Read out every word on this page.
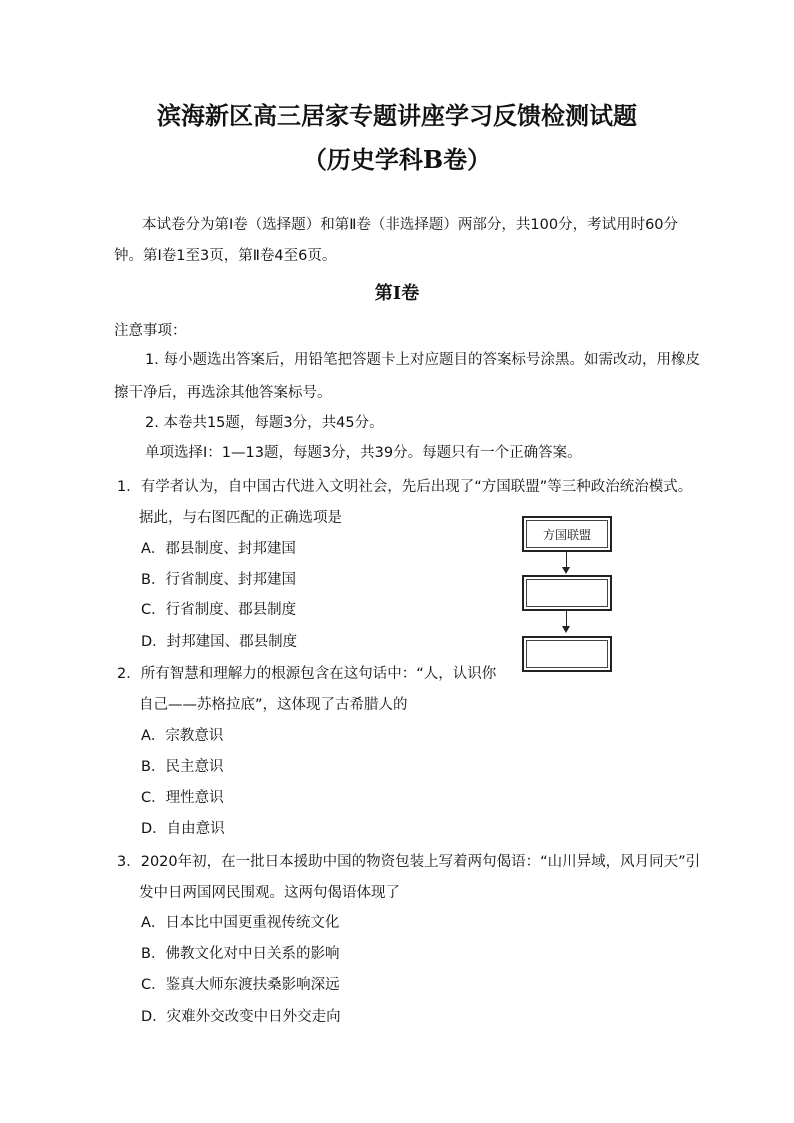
滨海新区高三居家专题讲座学习反馈检测试题
（历史学科B卷）

本试卷分为第Ⅰ卷（选择题）和第Ⅱ卷（非选择题）两部分，共100分，考试用时60分

钟。第Ⅰ卷1至3页，第Ⅱ卷4至6页。

第Ⅰ卷

注意事项：

1. 每小题选出答案后，用铅笔把答题卡上对应题目的答案标号涂黑。如需改动，用橡皮

擦干净后，再选涂其他答案标号。

2. 本卷共15题，每题3分，共45分。

单项选择Ⅰ：1—13题，每题3分，共39分。每题只有一个正确答案。

1．有学者认为，自中国古代进入文明社会，先后出现了“方国联盟”等三种政治统治模式。

据此，与右图匹配的正确选项是

A．郡县制度、封邦建国

B．行省制度、封邦建国

C．行省制度、郡县制度

D．封邦建国、郡县制度

方国联盟

2．所有智慧和理解力的根源包含在这句话中：“人，认识你

自己——苏格拉底”，这体现了古希腊人的

A．宗教意识

B．民主意识

C．理性意识

D．自由意识

3．2020年初，在一批日本援助中国的物资包装上写着两句偈语：“山川异域，风月同天”引

发中日两国网民围观。这两句偈语体现了

A．日本比中国更重视传统文化

B．佛教文化对中日关系的影响

C．鉴真大师东渡扶桑影响深远

D．灾难外交改变中日外交走向
